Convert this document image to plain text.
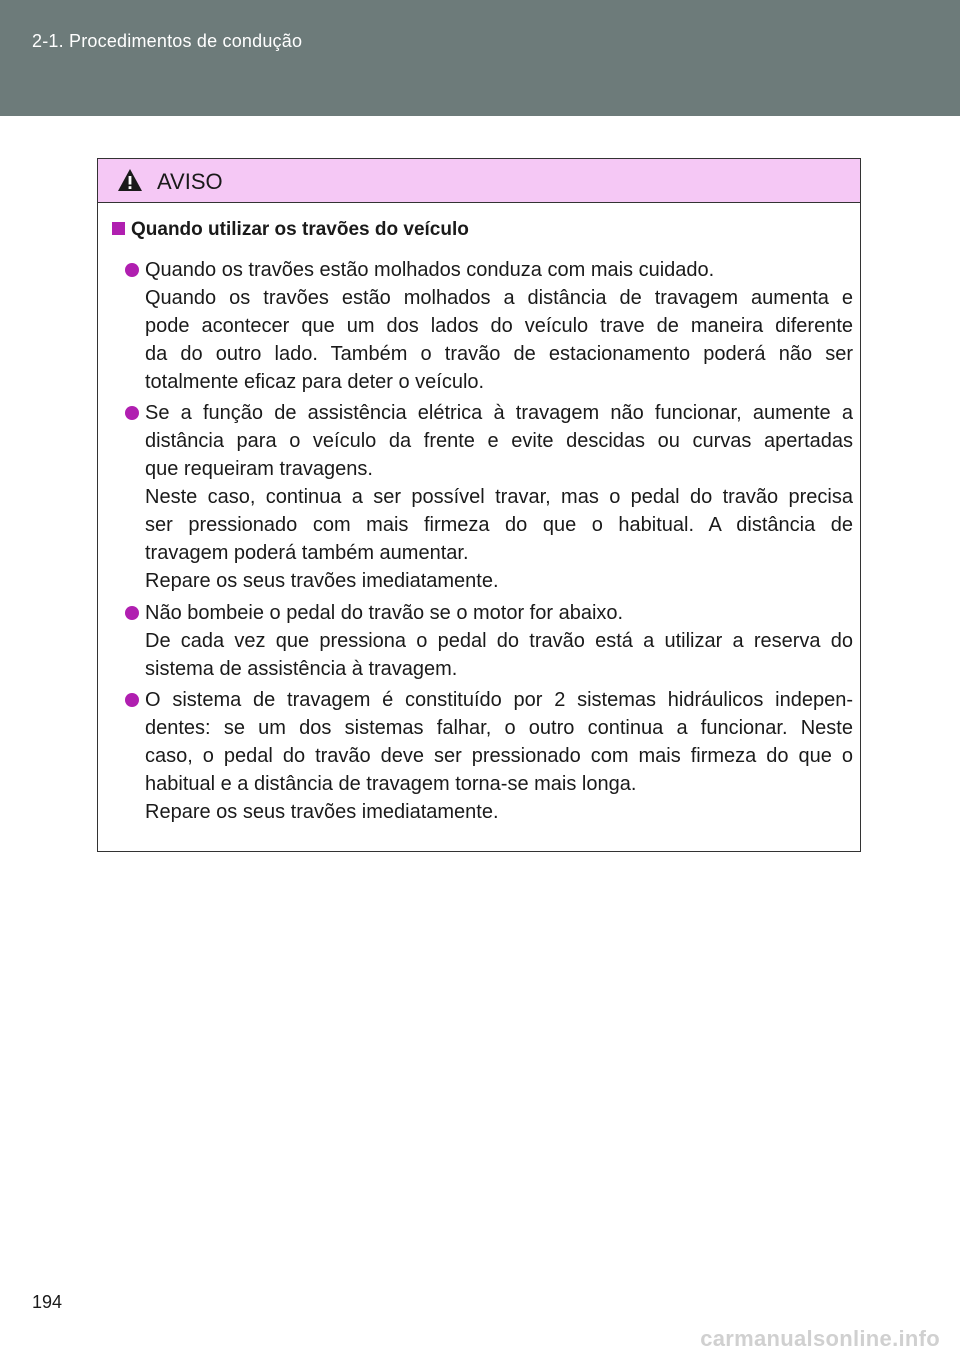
2-1. Procedimentos de condução
AVISO
Quando utilizar os travões do veículo
Quando os travões estão molhados conduza com mais cuidado.
Quando os travões estão molhados a distância de travagem aumenta e
pode acontecer que um dos lados do veículo trave de maneira diferente
da do outro lado. Também o travão de estacionamento poderá não ser
totalmente eficaz para deter o veículo.
Se a função de assistência elétrica à travagem não funcionar, aumente a
distância para o veículo da frente e evite descidas ou curvas apertadas
que requeiram travagens.
Neste caso, continua a ser possível travar, mas o pedal do travão precisa
ser pressionado com mais firmeza do que o habitual. A distância de
travagem poderá também aumentar.
Repare os seus travões imediatamente.
Não bombeie o pedal do travão se o motor for abaixo.
De cada vez que pressiona o pedal do travão está a utilizar a reserva do
sistema de assistência à travagem.
O sistema de travagem é constituído por 2 sistemas hidráulicos indepen-
dentes: se um dos sistemas falhar, o outro continua a funcionar. Neste
caso, o pedal do travão deve ser pressionado com mais firmeza do que o
habitual e a distância de travagem torna-se mais longa.
Repare os seus travões imediatamente.
194
carmanualsonline.info
